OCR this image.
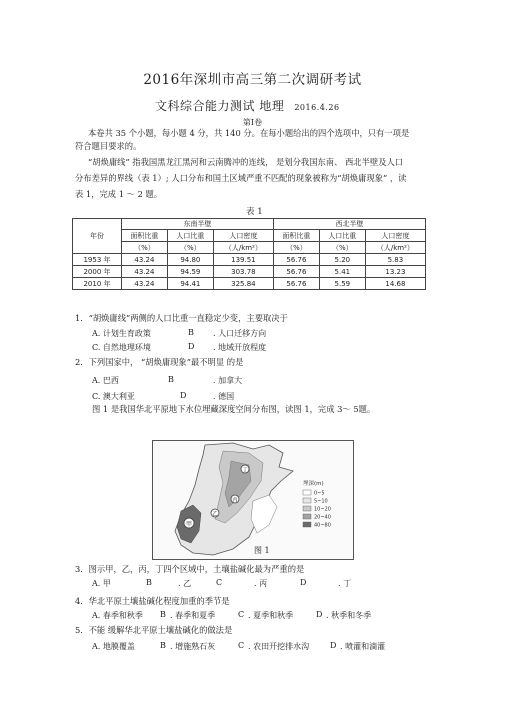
2016年深圳市高三第二次调研考试
文科综合能力测试 地理 2016.4.26
第Ⅰ卷
本卷共 35 个小题，每小题 4 分，共 140 分。在每小题给出的四个选项中，只有一项是
符合题目要求的。
“胡焕庸线” 指我国黑龙江黑河和云南腾冲的连线， 是划分我国东南、 西北半壁及人口
分布差异的界线（表 1）; 人口分布和国土区域严重不匹配的现象被称为“胡焕庸现象” ，读
表 1，完成 1 ～ 2 题。
表 1
年份	东南半壁			西北半壁		
	面积比重	人口比重	人口密度	面积比重	人口比重	人口密度
	（%）	（%）	（人/km²）	（%）	（%）	（人/km²）
1953 年	43.24	94.80	139.51	56.76	5.20	5.83
2000 年	43.24	94.59	303.78	56.76	5.41	13.23
2010 年	43.24	94.41	325.84	56.76	5.59	14.68
1．“胡焕庸线”两侧的人口比重一直稳定少变，主要取决于
A. 计划生育政策	B . 人口迁移方向
C. 自然地理环境	D . 地域开放程度
2．下列国家中， “胡焕庸现象”最不明显 的是
A. 巴西	B	. 加拿大
C. 澳大利亚	D	. 德国
图 1 是我国华北平原地下水位埋藏深度空间分布图，读图 1，完成 3～ 5题。
甲
乙
丙
丁
埋深(m)
0~5
5~10
10~20
20~40
40~80
图 1
3．图示甲，乙，丙，丁四个区域中，土壤盐碱化最为严重的是
A. 甲	B	. 乙	C	. 丙	D	. 丁
4．华北平原土壤盐碱化程度加重的季节是
A. 春季和秋季 B . 春季和夏季	C . 夏季和秋季	D . 秋季和冬季
5．不能 缓解华北平原土壤盐碱化的做法是
A. 地膜覆盖	B . 增施熟石灰	C . 农田开挖排水沟	D . 喷灌和滴灌
